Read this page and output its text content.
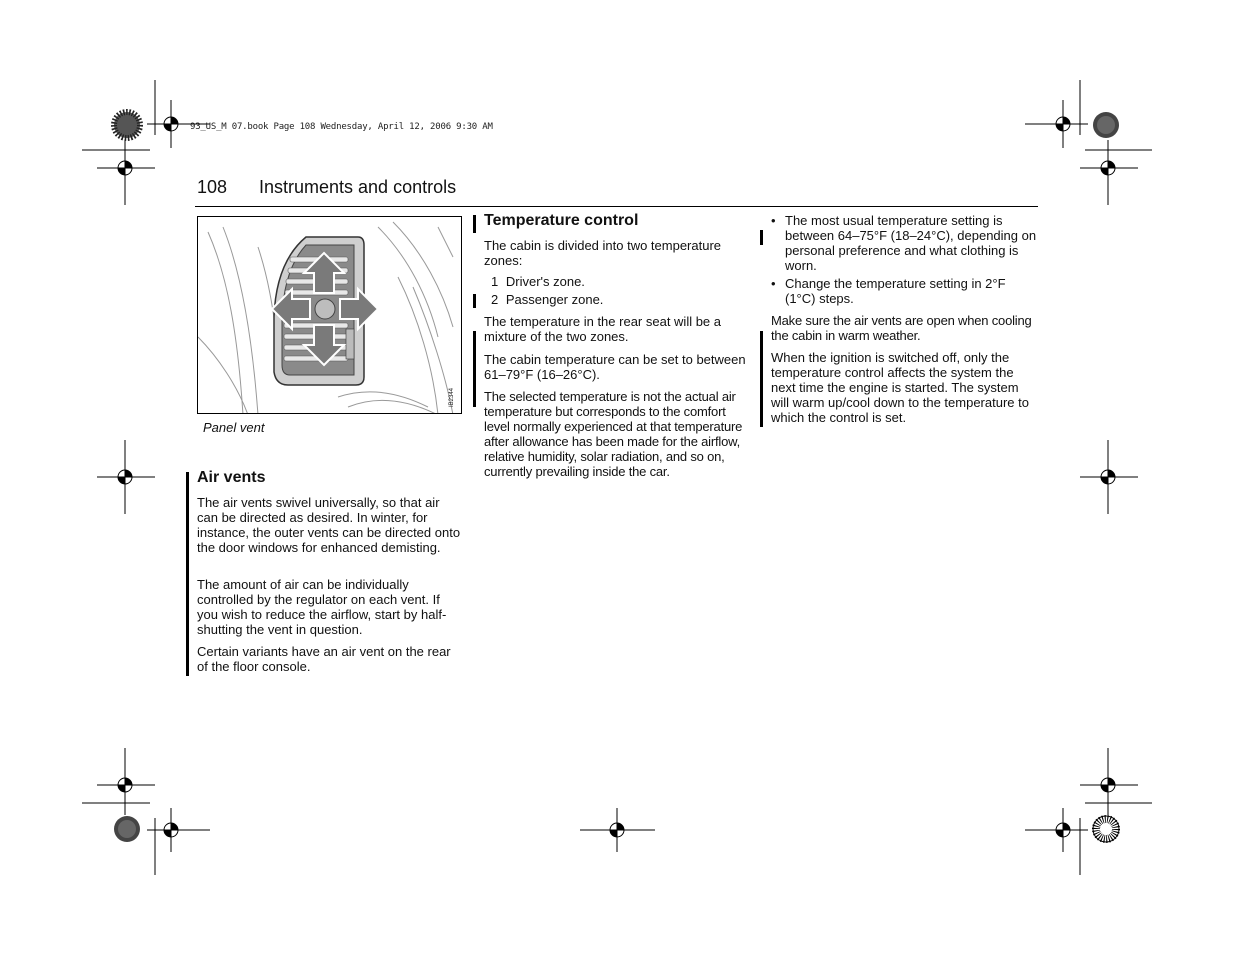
93_US_M 07.book Page 108 Wednesday, April 12, 2006 9:30 AM
108 Instruments and controls
IB2344
Panel vent
Air vents

The air vents swivel universally, so that air can be directed as desired. In winter, for instance, the outer vents can be directed onto the door windows for enhanced demisting.

The amount of air can be individually controlled by the regulator on each vent. If you wish to reduce the airflow, start by half-shutting the vent in question.

Certain variants have an air vent on the rear of the floor console.

Temperature control

The cabin is divided into two temperature zones:

1 Driver's zone.
2 Passenger zone.

The temperature in the rear seat will be a mixture of the two zones.

The cabin temperature can be set to between 61–79°F (16–26°C).

The selected temperature is not the actual air temperature but corresponds to the comfort level normally experienced at that temperature after allowance has been made for the airflow, relative humidity, solar radiation, and so on, currently prevailing inside the car.

• The most usual temperature setting is between 64–75°F (18–24°C), depending on personal preference and what clothing is worn.
• Change the temperature setting in 2°F (1°C) steps.

Make sure the air vents are open when cooling the cabin in warm weather.

When the ignition is switched off, only the temperature control affects the system the next time the engine is started. The system will warm up/cool down to the temperature to which the control is set.
